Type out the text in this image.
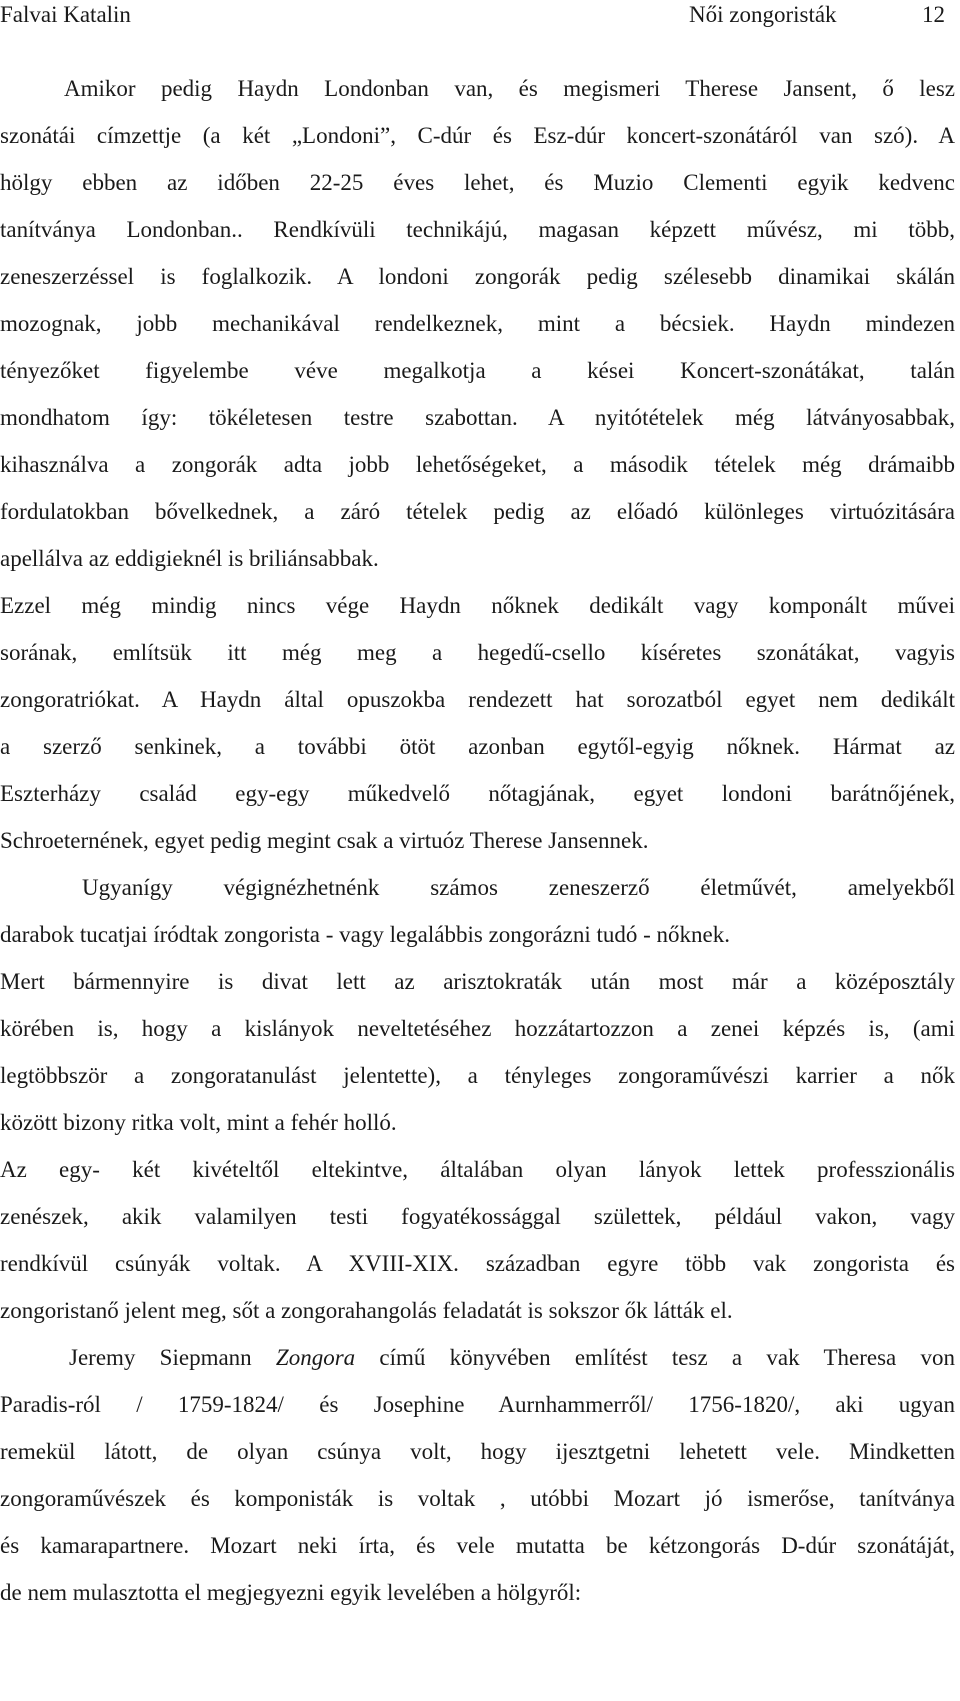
Falvai Katalin	Női zongoristák	12
Amikor pedig Haydn Londonban van, és megismeri Therese Jansent, ő lesz
szonátái címzettje (a két „Londoni”, C-dúr és Esz-dúr koncert-szonátáról van szó). A
hölgy ebben az időben 22-25 éves lehet, és Muzio Clementi egyik kedvenc
tanítványa Londonban.. Rendkívüli technikájú, magasan képzett művész, mi több,
zeneszerzéssel is foglalkozik. A londoni zongorák pedig szélesebb dinamikai skálán
mozognak, jobb mechanikával rendelkeznek, mint a bécsiek. Haydn mindezen
tényezőket figyelembe véve megalkotja a kései Koncert-szonátákat, talán
mondhatom így: tökéletesen testre szabottan. A nyitótételek még látványosabbak,
kihasználva a zongorák adta jobb lehetőségeket, a második tételek még drámaibb
fordulatokban bővelkednek, a záró tételek pedig az előadó különleges virtuózitására
apellálva az eddigieknél is briliánsabbak.
Ezzel még mindig nincs vége Haydn nőknek dedikált vagy komponált művei
sorának, említsük itt még meg a hegedű-csello kíséretes szonátákat, vagyis
zongoratriókat. A Haydn által opuszokba rendezett hat sorozatból egyet nem dedikált
a szerző senkinek, a további ötöt azonban egytől-egyig nőknek. Hármat az
Eszterházy család egy-egy műkedvelő nőtagjának, egyet londoni barátnőjének,
Schroeternének, egyet pedig megint csak a virtuóz Therese Jansennek.
Ugyanígy végignézhetnénk számos zeneszerző életművét, amelyekből
darabok tucatjai íródtak zongorista - vagy legalábbis zongorázni tudó - nőknek.
Mert bármennyire is divat lett az arisztokraták után most már a középosztály
körében is, hogy a kislányok neveltetéséhez hozzátartozzon a zenei képzés is, (ami
legtöbbször a zongoratanulást jelentette), a tényleges zongoraművészi karrier a nők
között bizony ritka volt, mint a fehér holló.
Az egy- két kivételtől eltekintve, általában olyan lányok lettek professzionális
zenészek, akik valamilyen testi fogyatékossággal születtek, például vakon, vagy
rendkívül csúnyák voltak. A XVIII-XIX. században egyre több vak zongorista és
zongoristanő jelent meg, sőt a zongorahangolás feladatát is sokszor ők látták el.
Jeremy Siepmann Zongora című könyvében említést tesz a vak Theresa von
Paradis-ról / 1759-1824/ és Josephine Aurnhammerről/ 1756-1820/, aki ugyan
remekül látott, de olyan csúnya volt, hogy ijesztgetni lehetett vele. Mindketten
zongoraművészek és komponisták is voltak , utóbbi Mozart jó ismerőse, tanítványa
és kamarapartnere. Mozart neki írta, és vele mutatta be kétzongorás D-dúr szonátáját,
de nem mulasztotta el megjegyezni egyik levelében a hölgyről:
